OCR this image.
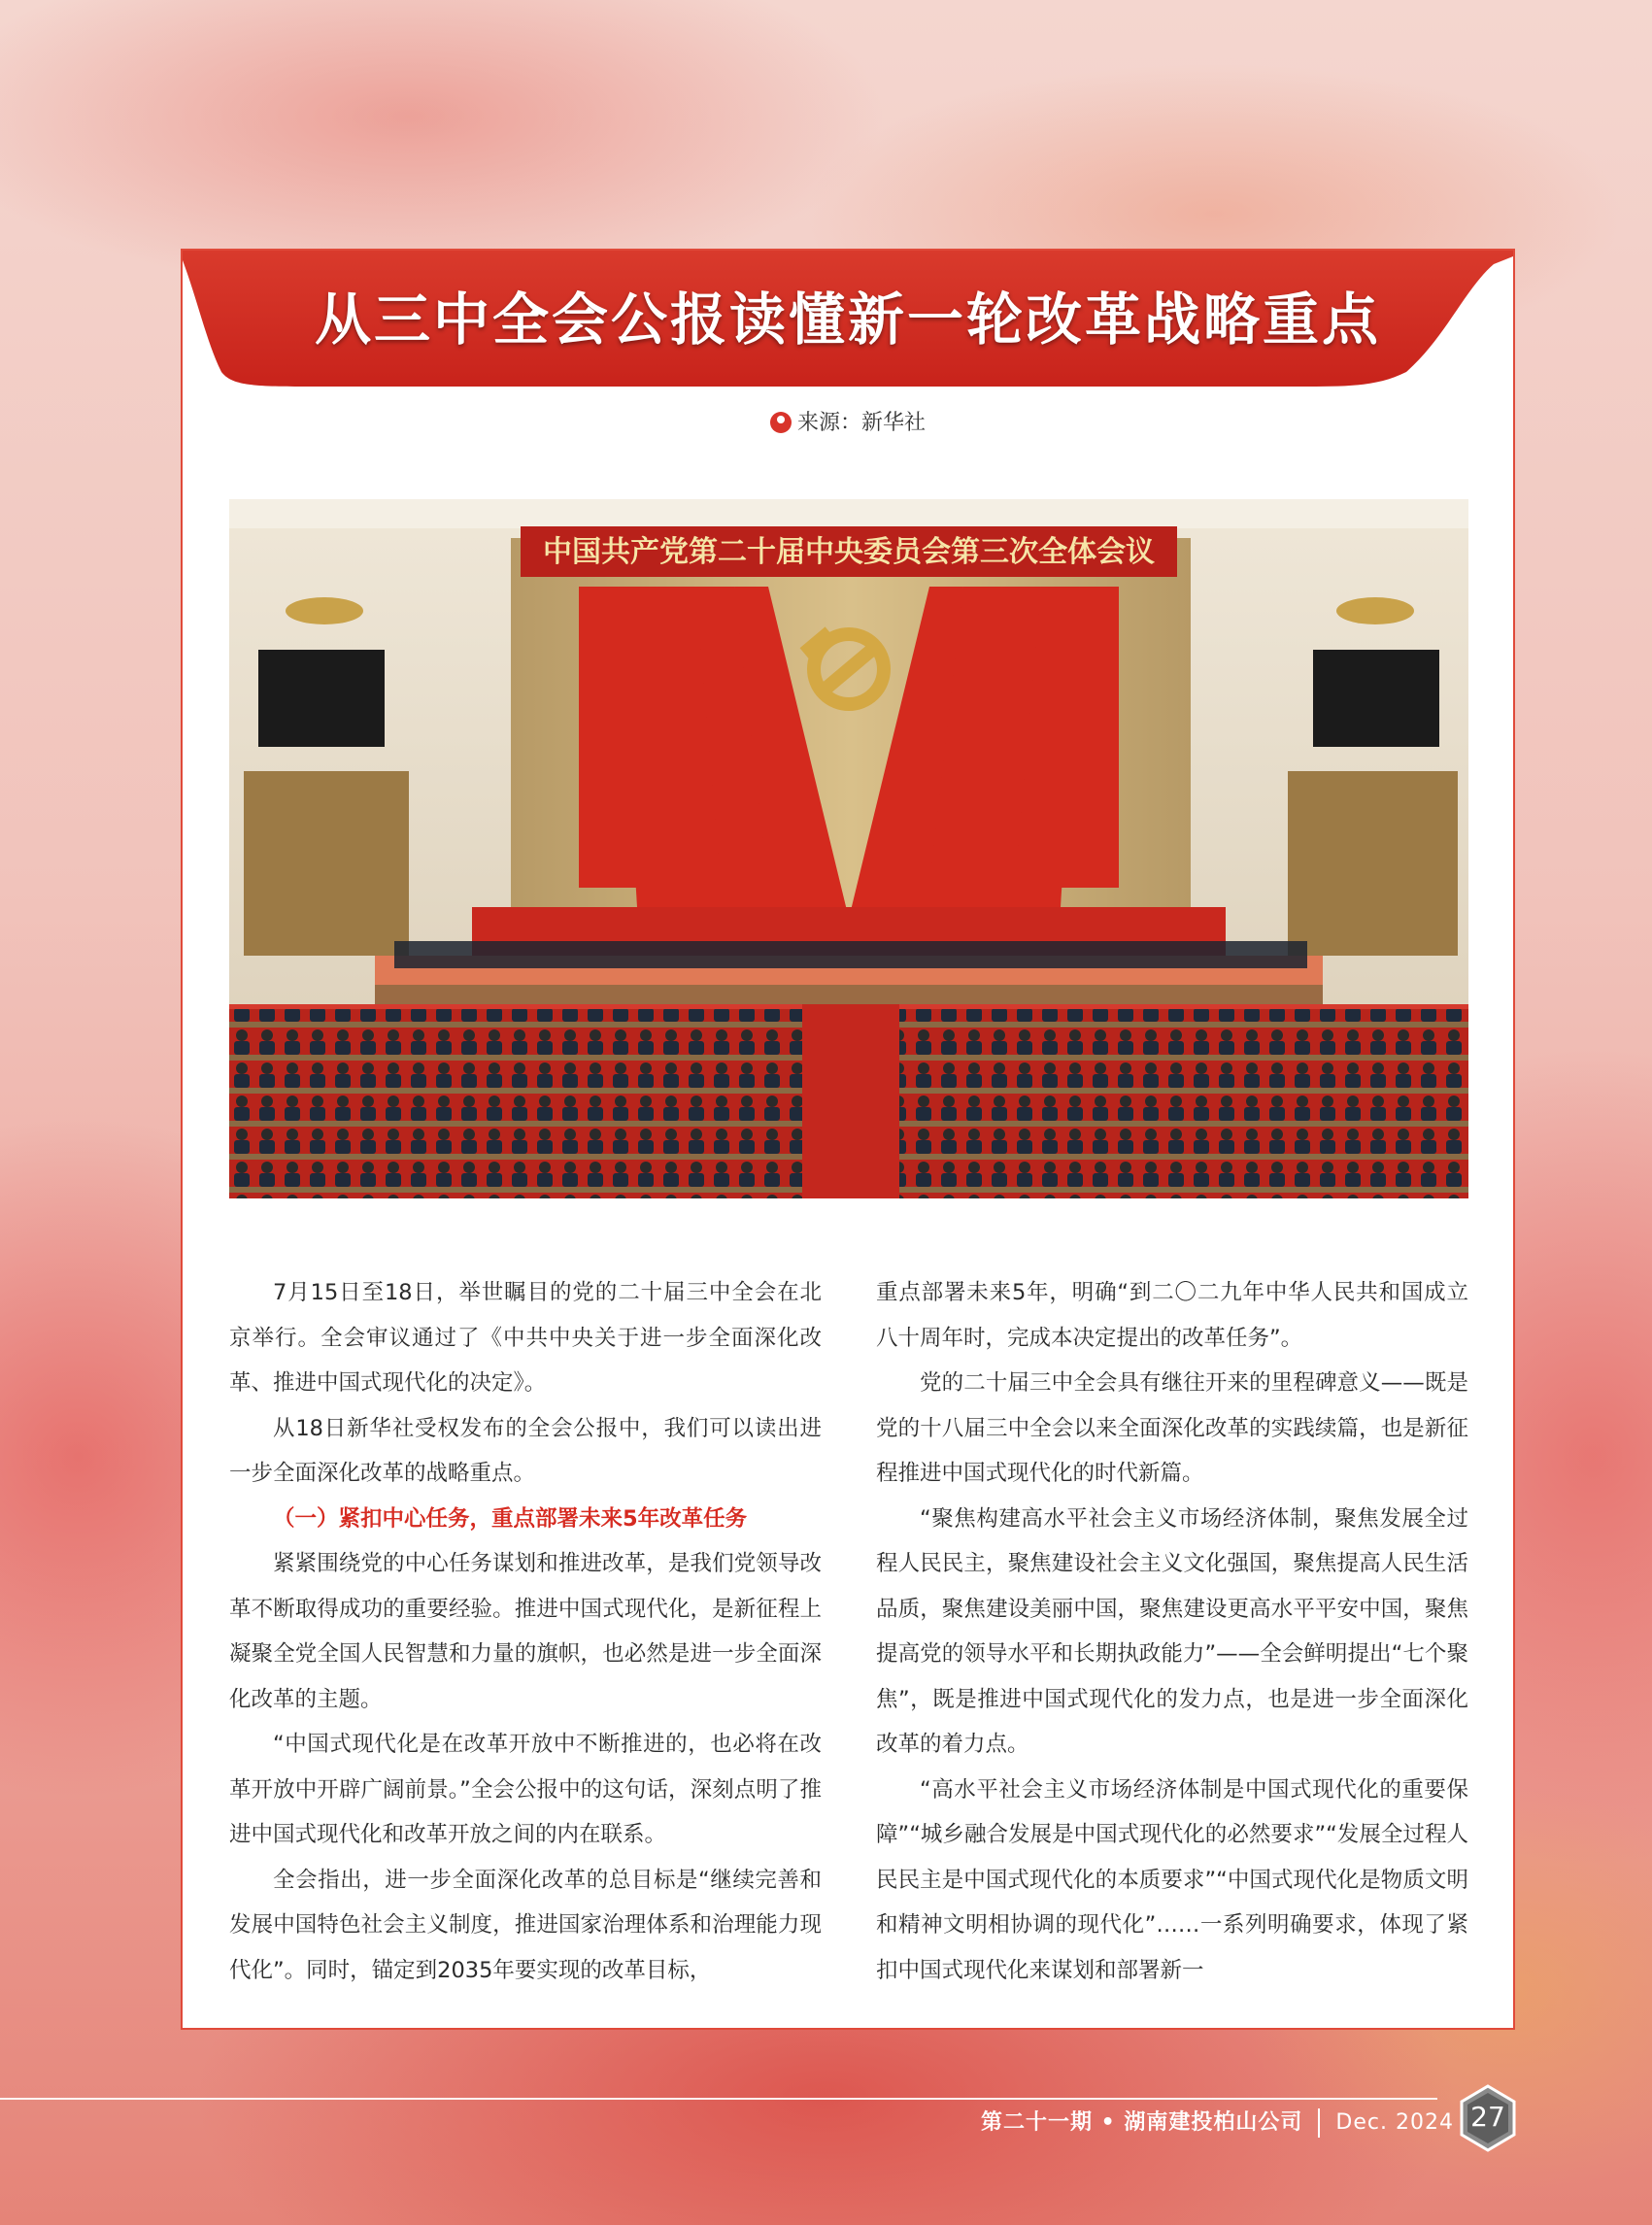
从三中全会公报读懂新一轮改革战略重点
来源：新华社
中国共产党第二十届中央委员会第三次全体会议

7月15日至18日，举世瞩目的党的二十届三中全会在北京举行。全会审议通过了《中共中央关于进一步全面深化改革、推进中国式现代化的决定》。

从18日新华社受权发布的全会公报中，我们可以读出进一步全面深化改革的战略重点。

（一）紧扣中心任务，重点部署未来5年改革任务

紧紧围绕党的中心任务谋划和推进改革，是我们党领导改革不断取得成功的重要经验。推进中国式现代化，是新征程上凝聚全党全国人民智慧和力量的旗帜，也必然是进一步全面深化改革的主题。

“中国式现代化是在改革开放中不断推进的，也必将在改革开放中开辟广阔前景。”全会公报中的这句话，深刻点明了推进中国式现代化和改革开放之间的内在联系。

全会指出，进一步全面深化改革的总目标是“继续完善和发展中国特色社会主义制度，推进国家治理体系和治理能力现代化”。同时，锚定到2035年要实现的改革目标，

重点部署未来5年，明确“到二〇二九年中华人民共和国成立八十周年时，完成本决定提出的改革任务”。

党的二十届三中全会具有继往开来的里程碑意义——既是党的十八届三中全会以来全面深化改革的实践续篇，也是新征程推进中国式现代化的时代新篇。

“聚焦构建高水平社会主义市场经济体制，聚焦发展全过程人民民主，聚焦建设社会主义文化强国，聚焦提高人民生活品质，聚焦建设美丽中国，聚焦建设更高水平平安中国，聚焦提高党的领导水平和长期执政能力”——全会鲜明提出“七个聚焦”，既是推进中国式现代化的发力点，也是进一步全面深化改革的着力点。

“高水平社会主义市场经济体制是中国式现代化的重要保障”“城乡融合发展是中国式现代化的必然要求”“发展全过程人民民主是中国式现代化的本质要求”“中国式现代化是物质文明和精神文明相协调的现代化”……一系列明确要求，体现了紧扣中国式现代化来谋划和部署新一

第二十一期 • 湖南建投柏山公司 Dec. 2024 27
